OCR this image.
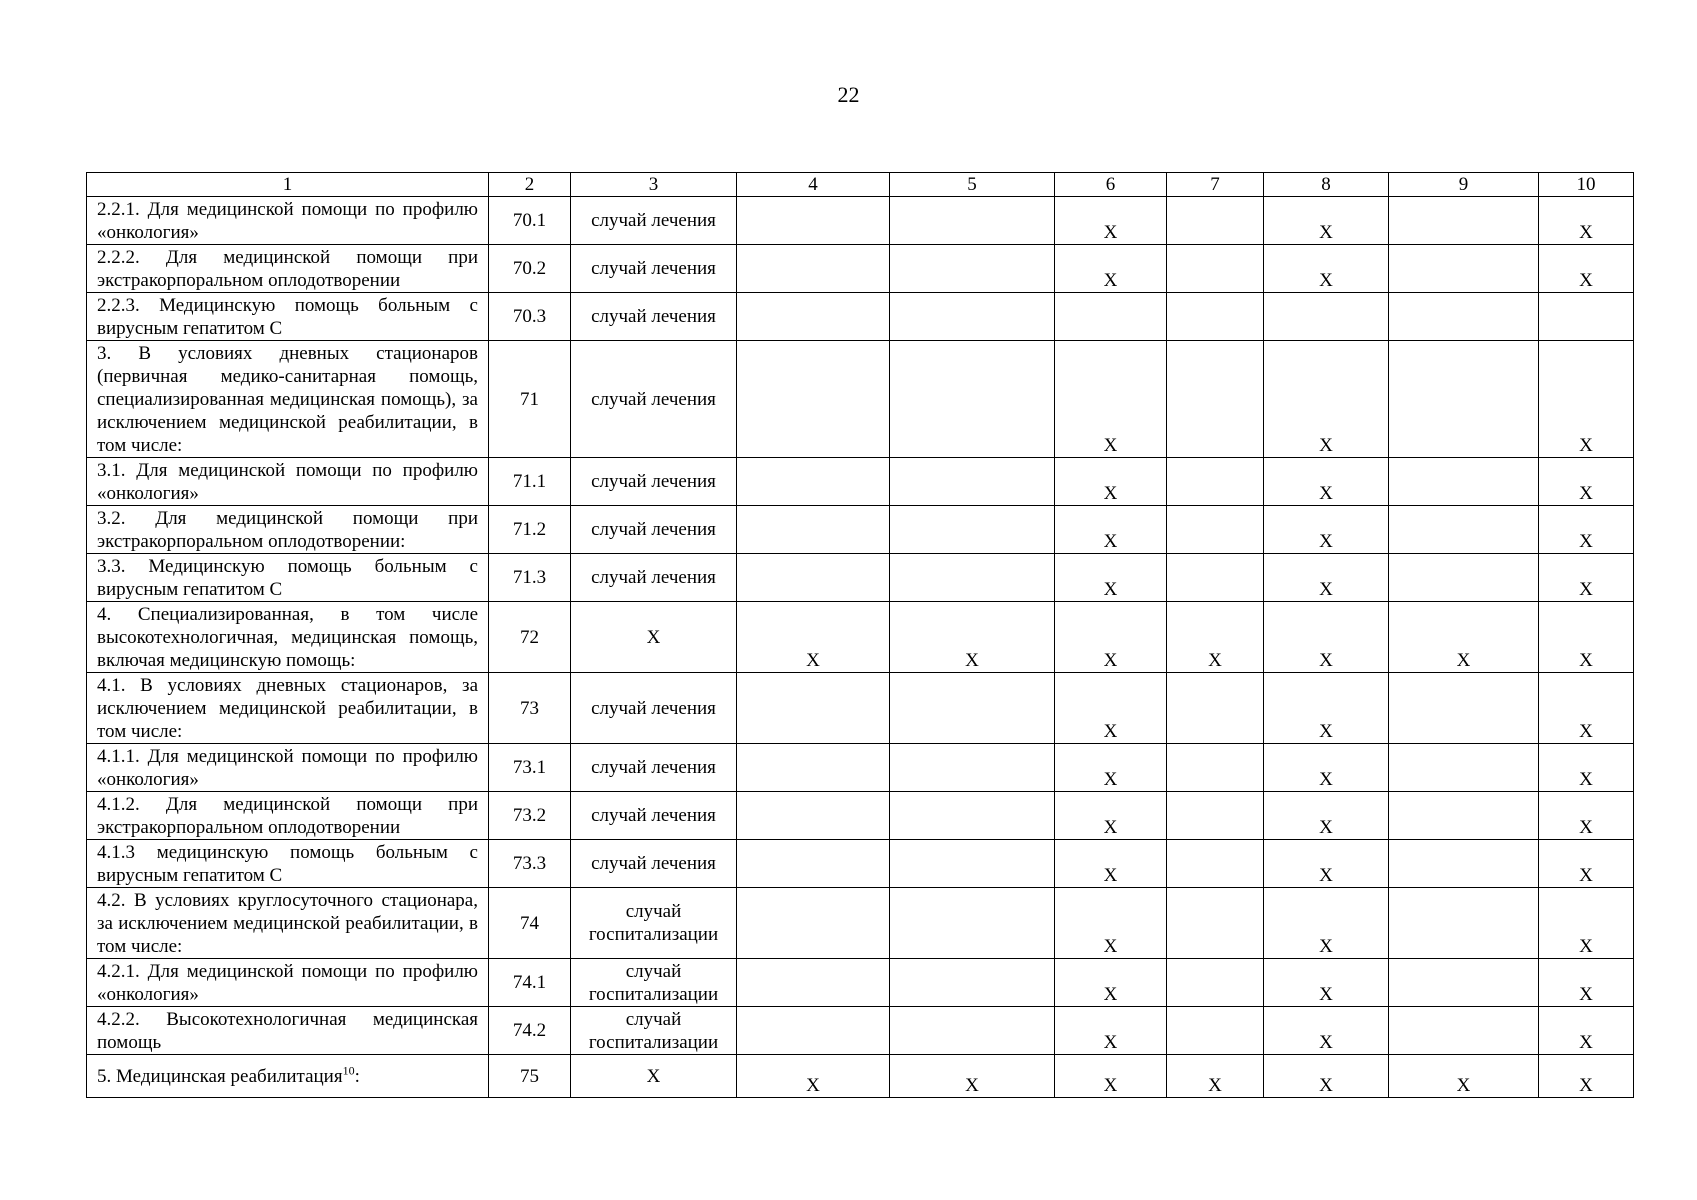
22
1	2	3	4	5	6	7	8	9	10
2.2.1. Для медицинской помощи по профилю «онкология»	70.1	случай лечения			X		X		X
2.2.2. Для медицинской помощи при экстракорпоральном оплодотворении	70.2	случай лечения			X		X		X
2.2.3. Медицинскую помощь больным с вирусным гепатитом С	70.3	случай лечения							
3. В условиях дневных стационаров (первичная медико-санитарная помощь, специализированная медицинская помощь), за исключением медицинской реабилитации, в том числе:	71	случай лечения			X		X		X
3.1. Для медицинской помощи по профилю «онкология»	71.1	случай лечения			X		X		X
3.2. Для медицинской помощи при экстракорпоральном оплодотворении:	71.2	случай лечения			X		X		X
3.3. Медицинскую помощь больным с вирусным гепатитом С	71.3	случай лечения			X		X		X
4. Специализированная, в том числе высокотехнологичная, медицинская помощь, включая медицинскую помощь:	72	X	X	X	X	X	X	X	X
4.1. В условиях дневных стационаров, за исключением медицинской реабилитации, в том числе:	73	случай лечения			X		X		X
4.1.1. Для медицинской помощи по профилю «онкология»	73.1	случай лечения			X		X		X
4.1.2. Для медицинской помощи при экстракорпоральном оплодотворении	73.2	случай лечения			X		X		X
4.1.3 медицинскую помощь больным с вирусным гепатитом С	73.3	случай лечения			X		X		X
4.2. В условиях круглосуточного стационара, за исключением медицинской реабилитации, в том числе:	74	случай госпитализации			X		X		X
4.2.1. Для медицинской помощи по профилю «онкология»	74.1	случай госпитализации			X		X		X
4.2.2. Высокотехнологичная медицинская помощь	74.2	случай госпитализации			X		X		X
5. Медицинская реабилитация$^{10}$:	75	X	X	X	X	X	X	X	X
